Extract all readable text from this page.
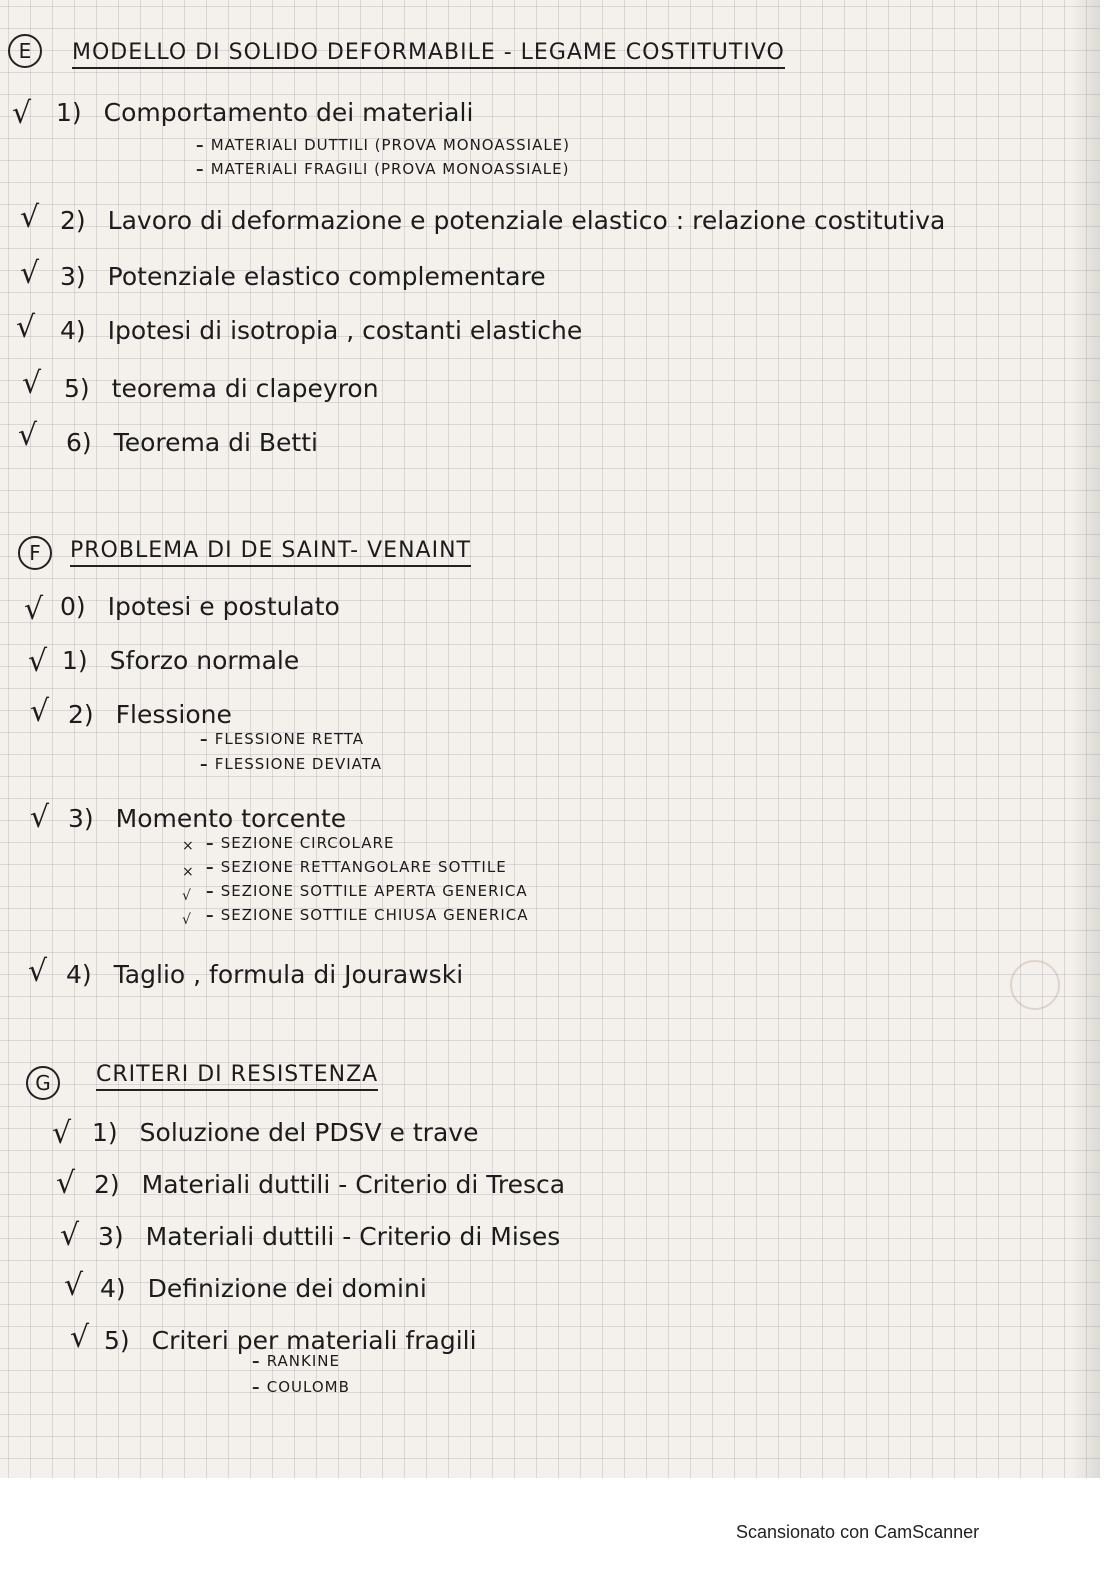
E	MODELLO DI SOLIDO DEFORMABILE - LEGAME COSTITUTIVO
√ 1) Comportamento dei materiali
– MATERIALI DUTTILI (PROVA MONOASSIALE)
– MATERIALI FRAGILI (PROVA MONOASSIALE)
√ 2) Lavoro di deformazione e potenziale elastico : relazione costitutiva
√ 3) Potenziale elastico complementare
√ 4) Ipotesi di isotropia , costanti elastiche
√ 5) teorema di clapeyron
√ 6) Teorema di Betti
F	PROBLEMA DI DE SAINT- VENAINT
√ 0) Ipotesi e postulato
√ 1) Sforzo normale
√ 2) Flessione
– FLESSIONE RETTA
– FLESSIONE DEVIATA
√ 3) Momento torcente
×	– SEZIONE CIRCOLARE
×	– SEZIONE RETTANGOLARE SOTTILE
√	– SEZIONE SOTTILE APERTA GENERICA
√	– SEZIONE SOTTILE CHIUSA GENERICA
√ 4) Taglio , formula di Jourawski
G	CRITERI DI RESISTENZA
√ 1) Soluzione del PDSV e trave
√ 2) Materiali duttili - Criterio di Tresca
√ 3) Materiali duttili - Criterio di Mises
√ 4) Definizione dei domini
√ 5) Criteri per materiali fragili
– RANKINE
– COULOMB
Scansionato con CamScanner
